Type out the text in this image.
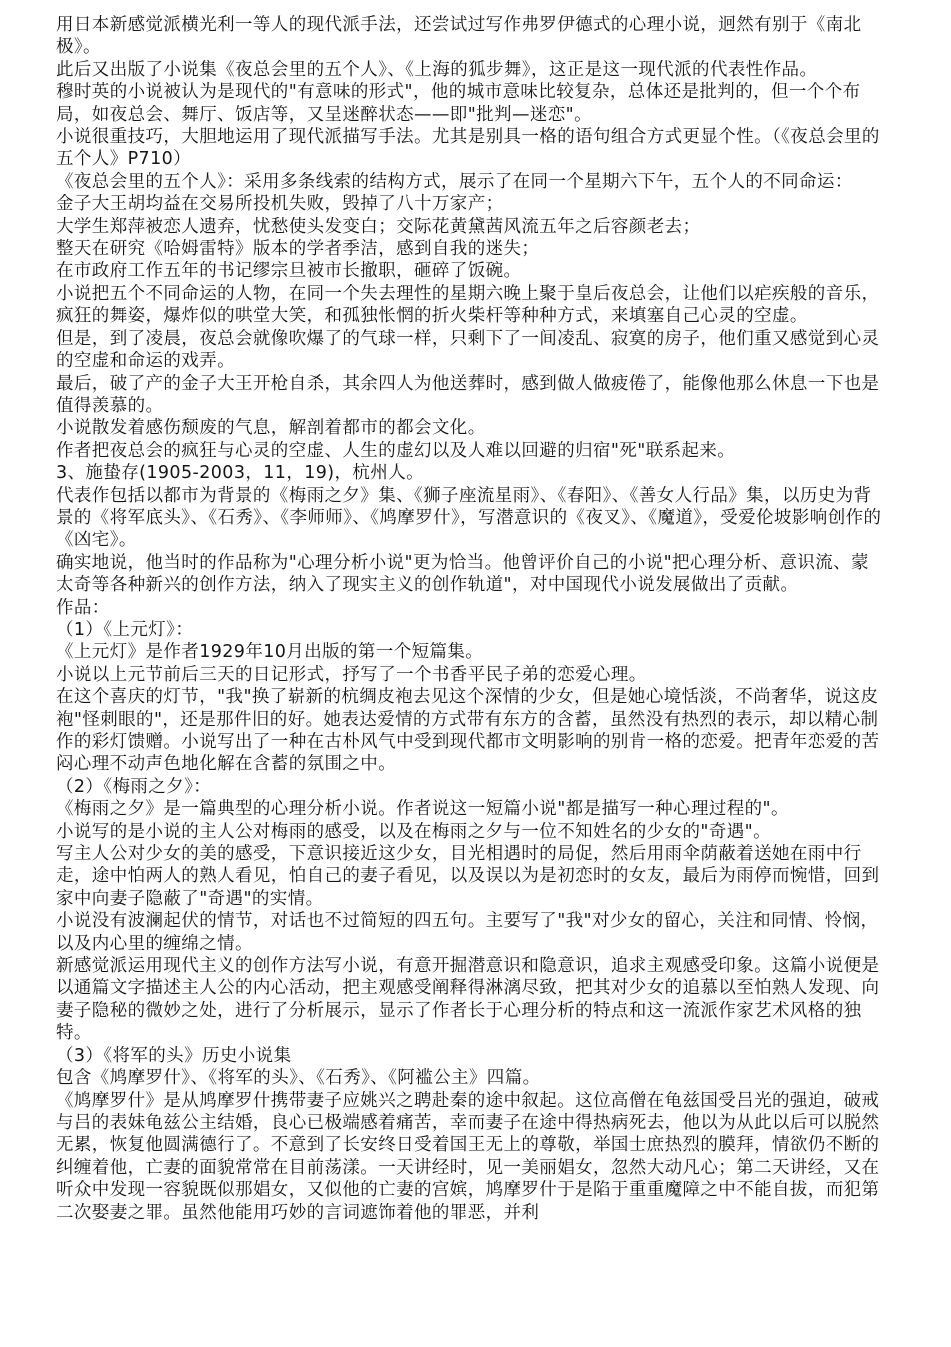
用日本新感觉派横光利一等人的现代派手法，还尝试过写作弗罗伊德式的心理小说，迥然有别于《南北极》。

此后又出版了小说集《夜总会里的五个人》、《上海的狐步舞》，这正是这一现代派的代表性作品。

穆时英的小说被认为是现代的"有意味的形式"，他的城市意味比较复杂，总体还是批判的，但一个个布局，如夜总会、舞厅、饭店等，又呈迷醉状态——即"批判—迷恋"。

小说很重技巧，大胆地运用了现代派描写手法。尤其是别具一格的语句组合方式更显个性。（《夜总会里的五个人》P710）

《夜总会里的五个人》：采用多条线索的结构方式，展示了在同一个星期六下午，五个人的不同命运：

金子大王胡均益在交易所投机失败，毁掉了八十万家产；

大学生郑萍被恋人遗弃，忧愁使头发变白；交际花黄黛茜风流五年之后容颜老去；

整天在研究《哈姆雷特》版本的学者季洁，感到自我的迷失；

在市政府工作五年的书记缪宗旦被市长撤职，砸碎了饭碗。

小说把五个不同命运的人物，在同一个失去理性的星期六晚上聚于皇后夜总会，让他们以疟疾般的音乐，疯狂的舞姿，爆炸似的哄堂大笑，和孤独怅惘的折火柴杆等种种方式，来填塞自己心灵的空虚。

但是，到了凌晨，夜总会就像吹爆了的气球一样，只剩下了一间凌乱、寂寞的房子，他们重又感觉到心灵的空虚和命运的戏弄。

最后，破了产的金子大王开枪自杀，其余四人为他送葬时，感到做人做疲倦了，能像他那么休息一下也是值得羡慕的。

小说散发着感伤颓废的气息，解剖着都市的都会文化。

作者把夜总会的疯狂与心灵的空虚、人生的虚幻以及人难以回避的归宿"死"联系起来。

3、施蛰存(1905-2003，11，19)，杭州人。

代表作包括以都市为背景的《梅雨之夕》集、《狮子座流星雨》、《春阳》、《善女人行品》集，以历史为背景的《将军底头》、《石秀》、《李师师》、《鸠摩罗什》，写潜意识的《夜叉》、《魔道》，受爱伦坡影响创作的《凶宅》。

确实地说，他当时的作品称为"心理分析小说"更为恰当。他曾评价自己的小说"把心理分析、意识流、蒙太奇等各种新兴的创作方法，纳入了现实主义的创作轨道"，对中国现代小说发展做出了贡献。

作品：

（1）《上元灯》：

《上元灯》是作者1929年10月出版的第一个短篇集。

小说以上元节前后三天的日记形式，抒写了一个书香平民子弟的恋爱心理。

在这个喜庆的灯节，"我"换了崭新的杭绸皮袍去见这个深情的少女，但是她心境恬淡，不尚奢华，说这皮袍"怪刺眼的"，还是那件旧的好。她表达爱情的方式带有东方的含蓄，虽然没有热烈的表示，却以精心制作的彩灯馈赠。小说写出了一种在古朴风气中受到现代都市文明影响的别肯一格的恋爱。把青年恋爱的苦闷心理不动声色地化解在含蓄的氛围之中。

（2）《梅雨之夕》：

《梅雨之夕》是一篇典型的心理分析小说。作者说这一短篇小说"都是描写一种心理过程的"。

小说写的是小说的主人公对梅雨的感受，以及在梅雨之夕与一位不知姓名的少女的"奇遇"。

写主人公对少女的美的感受，下意识接近这少女，目光相遇时的局促，然后用雨伞荫蔽着送她在雨中行走，途中怕两人的熟人看见，怕自己的妻子看见，以及误以为是初恋时的女友，最后为雨停而惋惜，回到家中向妻子隐蔽了"奇遇"的实情。

小说没有波澜起伏的情节，对话也不过简短的四五句。主要写了"我"对少女的留心，关注和同情、怜悯，以及内心里的缠绵之情。

新感觉派运用现代主义的创作方法写小说，有意开掘潜意识和隐意识，追求主观感受印象。这篇小说便是以通篇文字描述主人公的内心活动，把主观感受阐释得淋漓尽致，把其对少女的追慕以至怕熟人发现、向妻子隐秘的微妙之处，进行了分析展示，显示了作者长于心理分析的特点和这一流派作家艺术风格的独特。

（3）《将军的头》历史小说集

包含《鸠摩罗什》、《将军的头》、《石秀》、《阿褴公主》四篇。

《鸠摩罗什》是从鸠摩罗什携带妻子应姚兴之聘赴秦的途中叙起。这位高僧在龟兹国受吕光的强迫，破戒与吕的表妹龟兹公主结婚，良心已极端感着痛苦，幸而妻子在途中得热病死去，他以为从此以后可以脱然无累，恢复他圆满德行了。不意到了长安终日受着国王无上的尊敬，举国士庶热烈的膜拜，情欲仍不断的纠缠着他，亡妻的面貌常常在目前荡漾。一天讲经时，见一美丽娼女，忽然大动凡心；第二天讲经，又在听众中发现一容貌既似那娼女，又似他的亡妻的宫嫔，鸠摩罗什于是陷于重重魔障之中不能自拔，而犯第二次娶妻之罪。虽然他能用巧妙的言词遮饰着他的罪恶，并利
